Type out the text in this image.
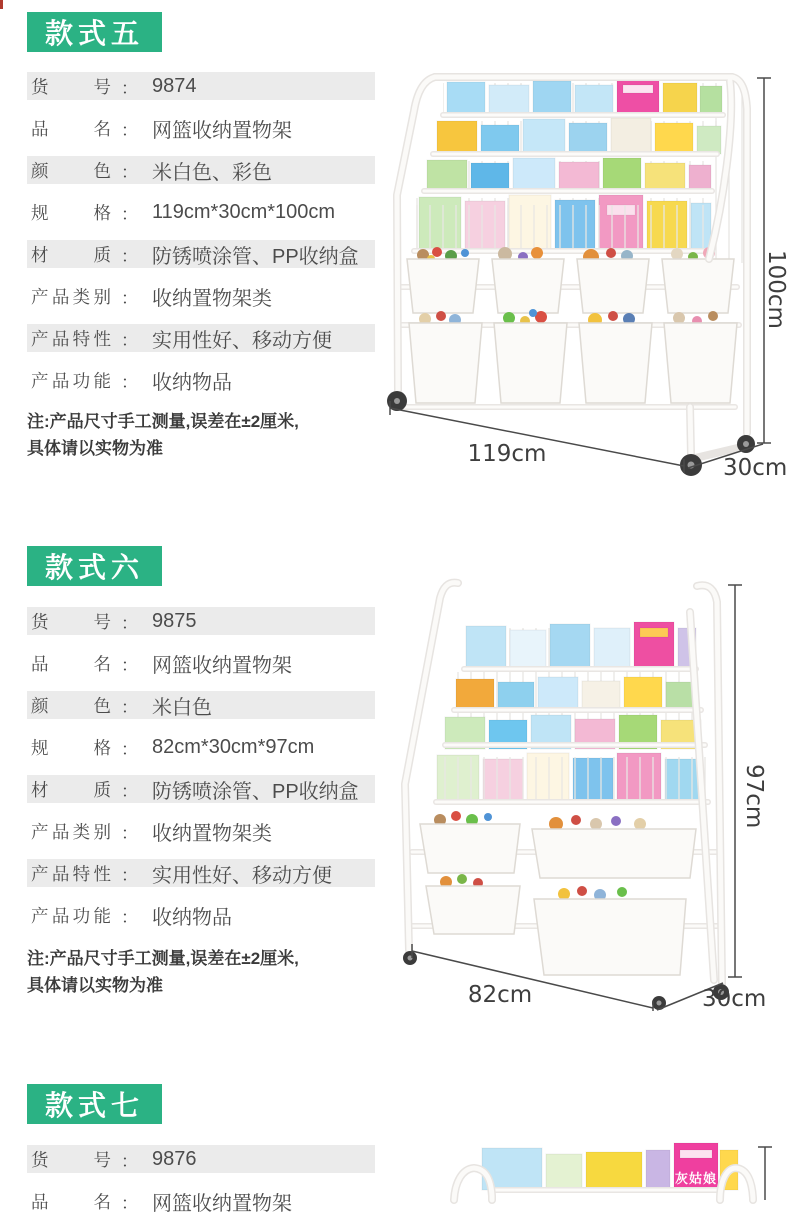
款式五
货号 ： 9874
品名 ： 网篮收纳置物架
颜色 ： 米白色、彩色
规格 ： 119cm*30cm*100cm
材质 ： 防锈喷涂管、PP收纳盒
产品类别 ： 收纳置物架类
产品特性 ： 实用性好、移动方便
产品功能 ： 收纳物品
注:产品尺寸手工测量,误差在±2厘米,
具体请以实物为准
100cm
119cm
30cm
款式六
货号 ： 9875
品名 ： 网篮收纳置物架
颜色 ： 米白色
规格 ： 82cm*30cm*97cm
材质 ： 防锈喷涂管、PP收纳盒
产品类别 ： 收纳置物架类
产品特性 ： 实用性好、移动方便
产品功能 ： 收纳物品
注:产品尺寸手工测量,误差在±2厘米,
具体请以实物为准
97cm
82cm	30cm
款式七
货号 ： 9876
品名 ： 网篮收纳置物架
灰姑娘
